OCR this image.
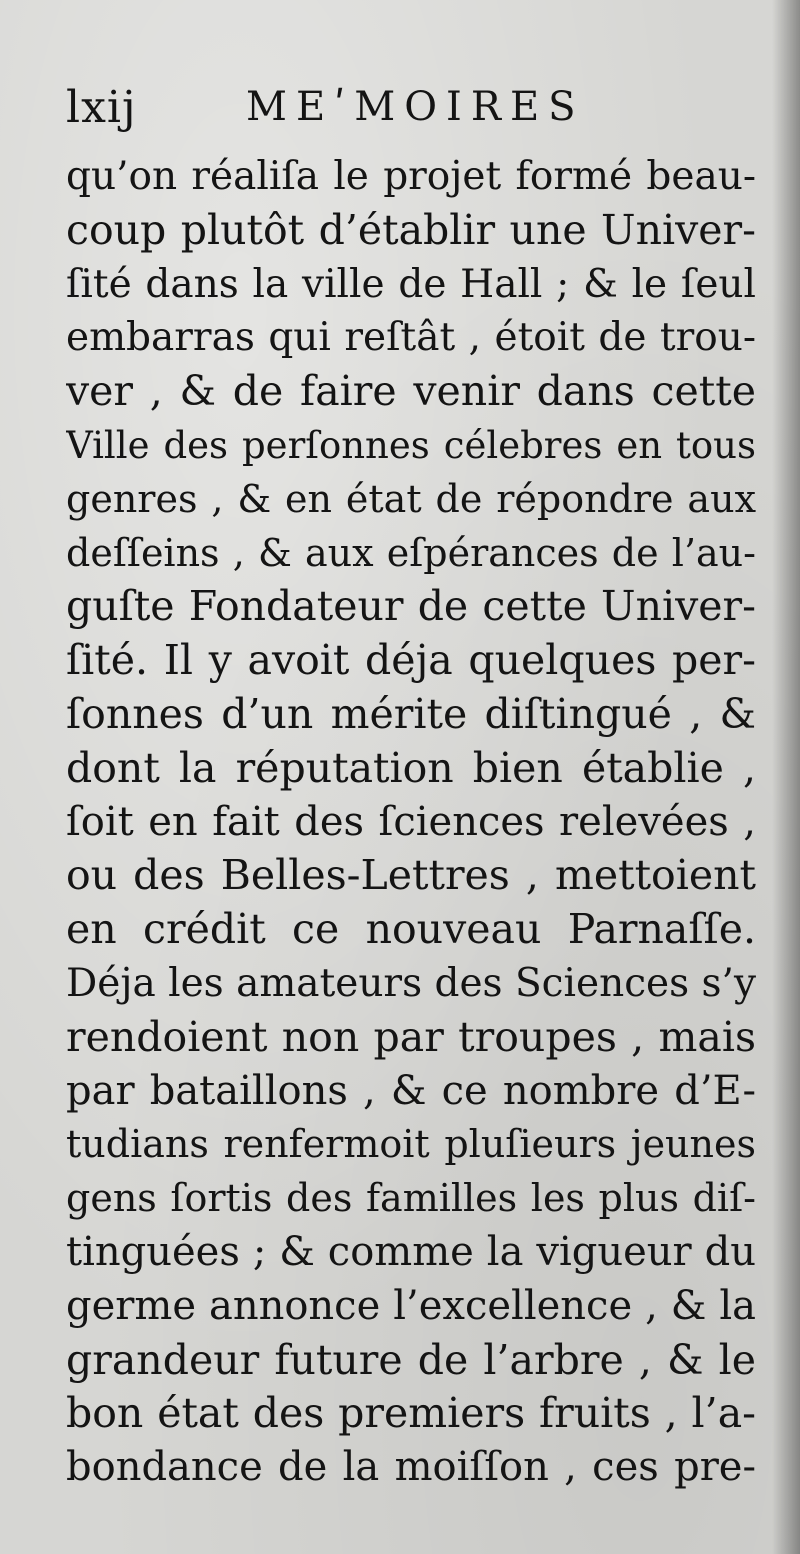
lxij	MEʹMOIRES
qu’on réaliſa le projet formé beau-
coup plutôt d’établir une Univer-
ſité dans la ville de Hall ; & le ſeul
embarras qui reſtât , étoit de trou-
ver , & de faire venir dans cette
Ville des perſonnes célebres en tous
genres , & en état de répondre aux
deſſeins , & aux eſpérances de l’au-
guſte Fondateur de cette Univer-
ſité. Il y avoit déja quelques per-
ſonnes d’un mérite diſtingué , &
dont la réputation bien établie ,
ſoit en fait des ſciences relevées ,
ou des Belles-Lettres , mettoient
en crédit ce nouveau Parnaſſe.
Déja les amateurs des Sciences s’y
rendoient non par troupes , mais
par bataillons , & ce nombre d’E-
tudians renfermoit pluſieurs jeunes
gens ſortis des familles les plus diſ-
tinguées ; & comme la vigueur du
germe annonce l’excellence , & la
grandeur future de l’arbre , & le
bon état des premiers fruits , l’a-
bondance de la moiſſon , ces pre-
